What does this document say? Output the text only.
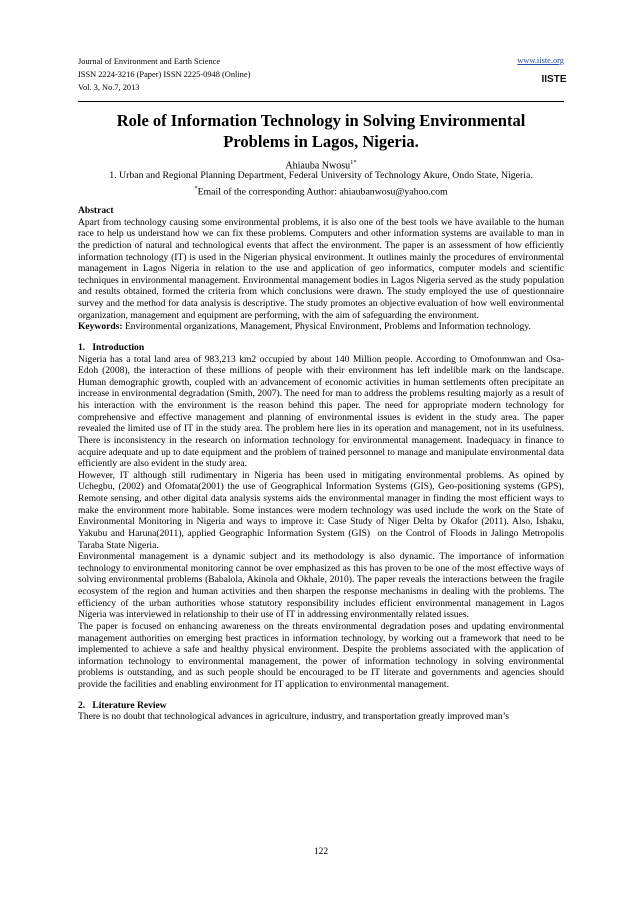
Journal of Environment and Earth Science
ISSN 2224-3216 (Paper) ISSN 2225-0948 (Online)
Vol. 3, No.7, 2013
www.iiste.org
IISTE
Role of Information Technology in Solving Environmental
Problems in Lagos, Nigeria.
Ahiauba Nwosu$^{1*}$
1. Urban and Regional Planning Department, Federal University of Technology Akure, Ondo State, Nigeria.
*Email of the corresponding Author: ahiaubanwosu@yahoo.com

Abstract

Apart from technology causing some environmental problems, it is also one of the best tools we have available to the human race to help us understand how we can fix these problems. Computers and other information systems are available to man in the prediction of natural and technological events that affect the environment. The paper is an assessment of how efficiently information technology (IT) is used in the Nigerian physical environment. It outlines mainly the procedures of environmental management in Lagos Nigeria in relation to the use and application of geo informatics, computer models and scientific techniques in environmental management. Environmental management bodies in Lagos Nigeria served as the study population and results obtained, formed the criteria from which conclusions were drawn. The study employed the use of questionnaire survey and the method for data analysis is descriptive. The study promotes an objective evaluation of how well environmental organization, management and equipment are performing, with the aim of safeguarding the environment.

Keywords: Environmental organizations, Management, Physical Environment, Problems and Information technology.

1.   Introduction

Nigeria has a total land area of 983,213 km2 occupied by about 140 Million people. According to Omofonmwan and Osa-Edoh (2008), the interaction of these millions of people with their environment has left indelible mark on the landscape. Human demographic growth, coupled with an advancement of economic activities in human settlements often precipitate an increase in environmental degradation (Smith, 2007). The need for man to address the problems resulting majorly as a result of his interaction with the environment is the reason behind this paper. The need for appropriate modern technology for comprehensive and effective management and planning of environmental issues is evident in the study area. The paper revealed the limited use of IT in the study area. The problem here lies in its operation and management, not in its usefulness. There is inconsistency in the research on information technology for environmental management. Inadequacy in finance to acquire adequate and up to date equipment and the problem of trained personnel to manage and manipulate environmental data efficiently are also evident in the study area.

However, IT although still rudimentary in Nigeria has been used in mitigating environmental problems. As opined by Uchegbu, (2002) and Ofomata(2001) the use of Geographical Information Systems (GIS), Geo-positioning systems (GPS), Remote sensing, and other digital data analysis systems aids the environmental manager in finding the most efficient ways to make the environment more habitable. Some instances were modern technology was used include the work on the State of Environmental Monitoring in Nigeria and ways to improve it: Case Study of Niger Delta by Okafor (2011). Also, Ishaku, Yakubu and Haruna(2011), applied Geographic Information System (GIS)  on the Control of Floods in Jalingo Metropolis Taraba State Nigeria.

Environmental management is a dynamic subject and its methodology is also dynamic. The importance of information technology to environmental monitoring cannot be over emphasized as this has proven to be one of the most effective ways of solving environmental problems (Babalola, Akinola and Okhale, 2010). The paper reveals the interactions between the fragile ecosystem of the region and human activities and then sharpen the response mechanisms in dealing with the problems. The efficiency of the urban authorities whose statutory responsibility includes efficient environmental management in Lagos Nigeria was interviewed in relationship to their use of IT in addressing environmentally related issues.

The paper is focused on enhancing awareness on the threats environmental degradation poses and updating environmental management authorities on emerging best practices in information technology, by working out a framework that need to be implemented to achieve a safe and healthy physical environment. Despite the problems associated with the application of information technology to environmental management, the power of information technology in solving environmental problems is outstanding, and as such people should be encouraged to be IT literate and governments and agencies should provide the facilities and enabling environment for IT application to environmental management.

2.   Literature Review

There is no doubt that technological advances in agriculture, industry, and transportation greatly improved man’s

122
